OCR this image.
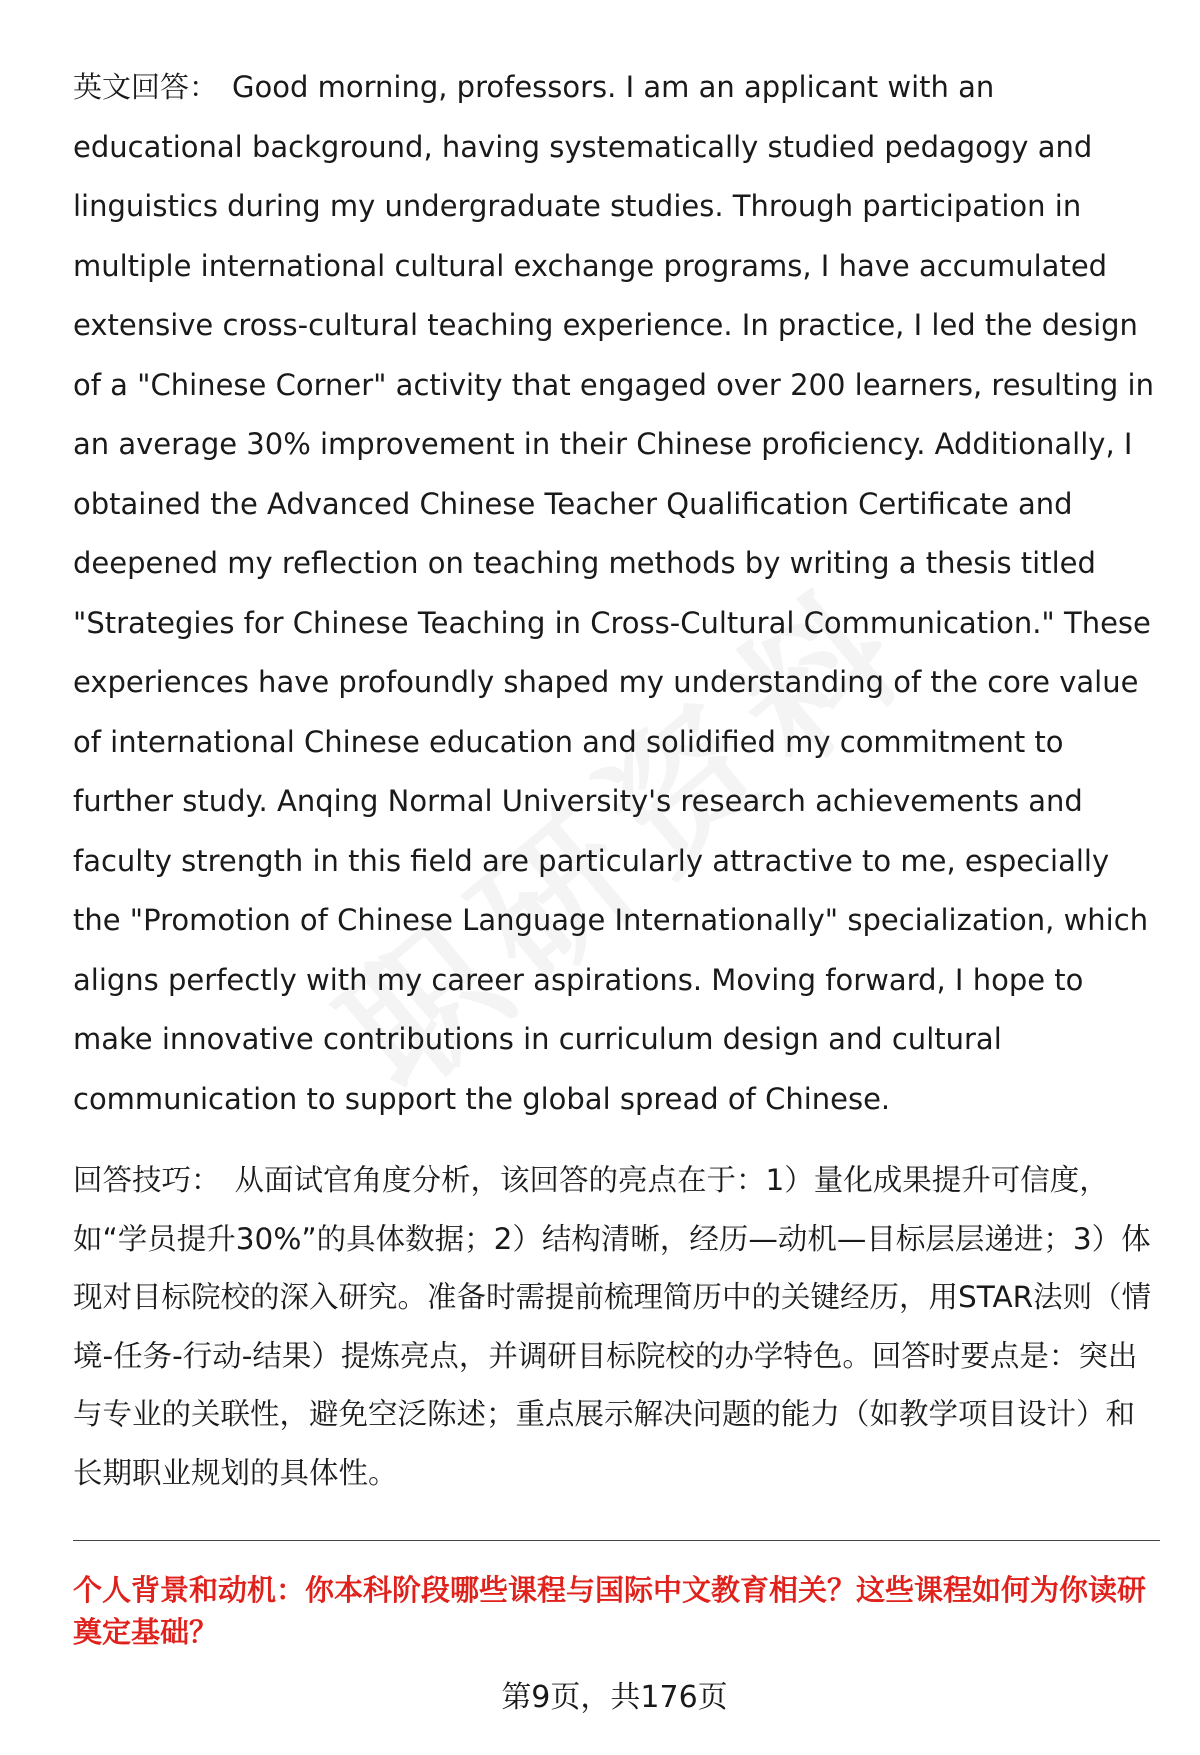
英文回答： Good morning, professors. I am an applicant with an educational background, having systematically studied pedagogy and linguistics during my undergraduate studies. Through participation in multiple international cultural exchange programs, I have accumulated extensive cross-cultural teaching experience. In practice, I led the design of a "Chinese Corner" activity that engaged over 200 learners, resulting in an average 30% improvement in their Chinese proficiency. Additionally, I obtained the Advanced Chinese Teacher Qualification Certificate and deepened my reflection on teaching methods by writing a thesis titled "Strategies for Chinese Teaching in Cross-Cultural Communication." These experiences have profoundly shaped my understanding of the core value of international Chinese education and solidified my commitment to further study. Anqing Normal University's research achievements and faculty strength in this field are particularly attractive to me, especially the "Promotion of Chinese Language Internationally" specialization, which aligns perfectly with my career aspirations. Moving forward, I hope to make innovative contributions in curriculum design and cultural communication to support the global spread of Chinese.

回答技巧： 从面试官角度分析，该回答的亮点在于：1）量化成果提升可信度，如“学员提升30%”的具体数据；2）结构清晰，经历—动机—目标层层递进；3）体现对目标院校的深入研究。准备时需提前梳理简历中的关键经历，用STAR法则（情境-任务-行动-结果）提炼亮点，并调研目标院校的办学特色。回答时要点是：突出与专业的关联性，避免空泛陈述；重点展示解决问题的能力（如教学项目设计）和长期职业规划的具体性。

个人背景和动机：你本科阶段哪些课程与国际中文教育相关？这些课程如何为你读研奠定基础？
第9页，共176页
